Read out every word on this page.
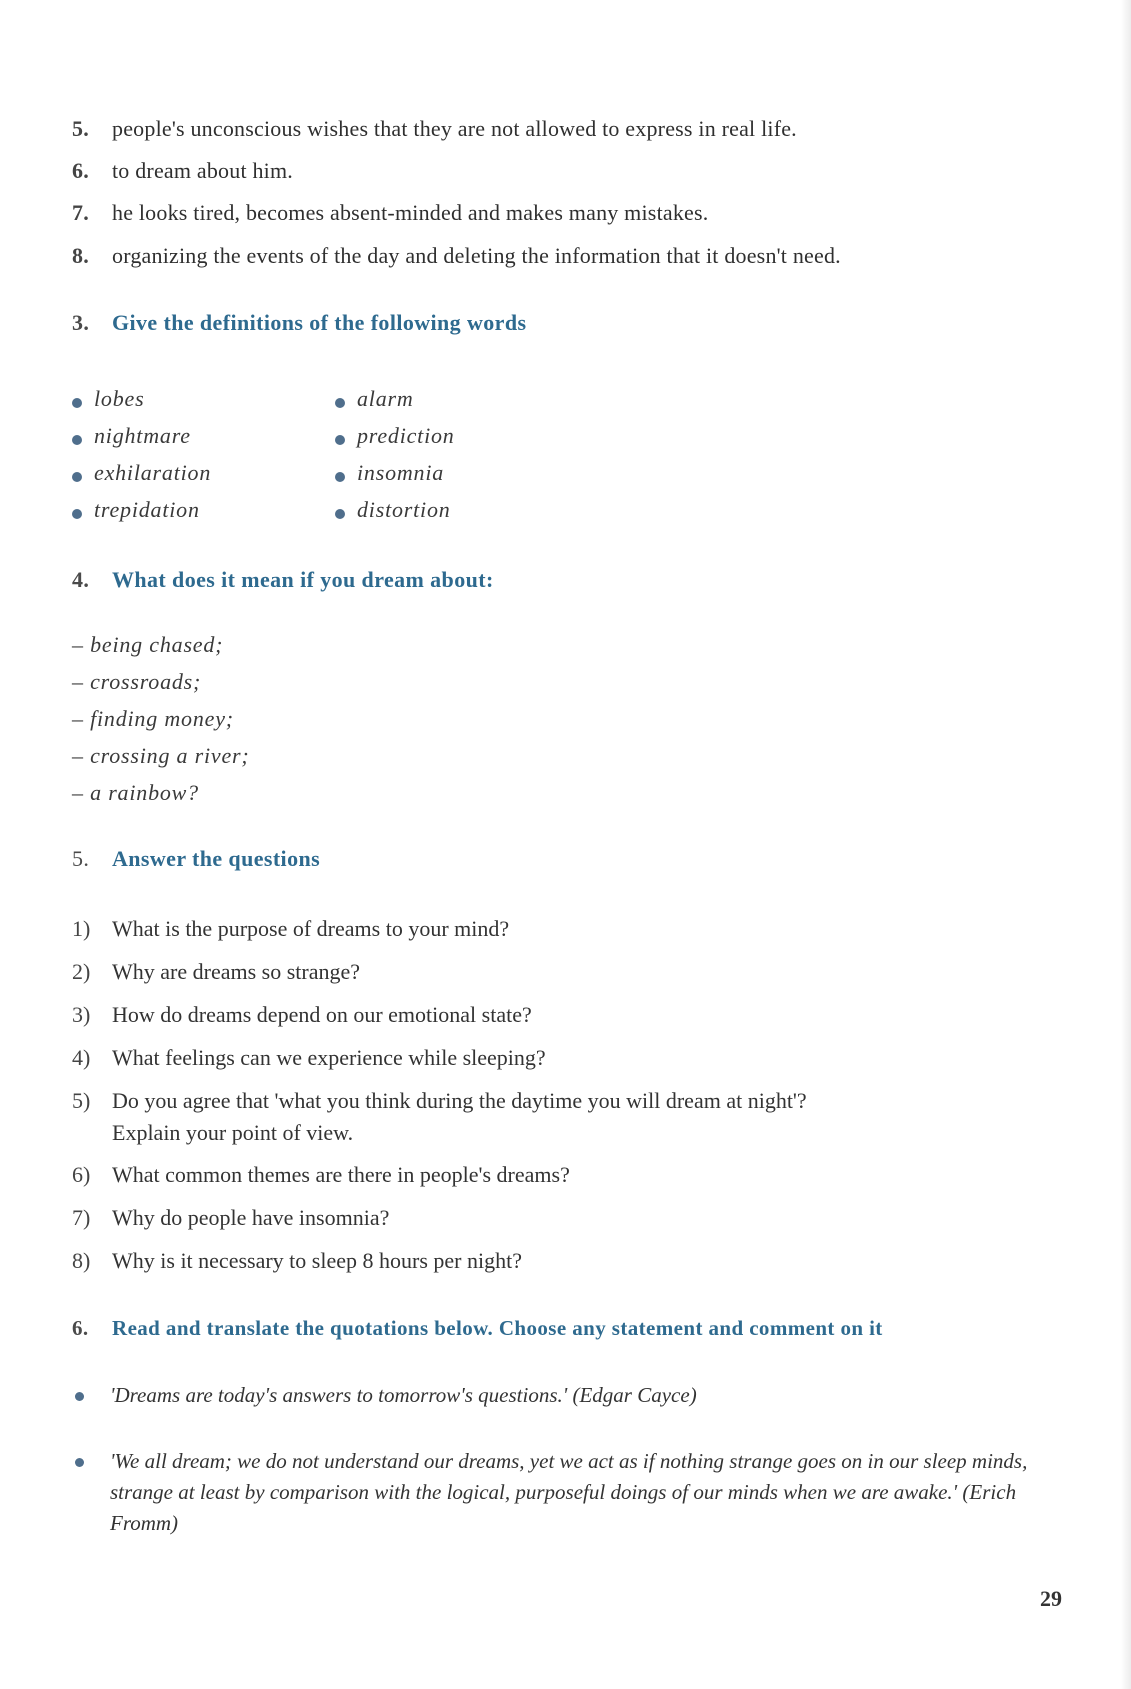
5. people's unconscious wishes that they are not allowed to express in real life.
6. to dream about him.
7. he looks tired, becomes absent-minded and makes many mistakes.
8. organizing the events of the day and deleting the information that it doesn't need.
3. Give the definitions of the following words
lobes
nightmare
exhilaration
trepidation
alarm
prediction
insomnia
distortion
4. What does it mean if you dream about:
– being chased;
– crossroads;
– finding money;
– crossing a river;
– a rainbow?
5. Answer the questions
1) What is the purpose of dreams to your mind?
2) Why are dreams so strange?
3) How do dreams depend on our emotional state?
4) What feelings can we experience while sleeping?
5) Do you agree that 'what you think during the daytime you will dream at night'?
Explain your point of view.
6) What common themes are there in people's dreams?
7) Why do people have insomnia?
8) Why is it necessary to sleep 8 hours per night?
6. Read and translate the quotations below. Choose any statement and comment on it
'Dreams are today's answers to tomorrow's questions.' (Edgar Cayce)
'We all dream; we do not understand our dreams, yet we act as if nothing strange goes on in our sleep minds, strange at least by comparison with the logical, purposeful doings of our minds when we are awake.' (Erich Fromm)
29
